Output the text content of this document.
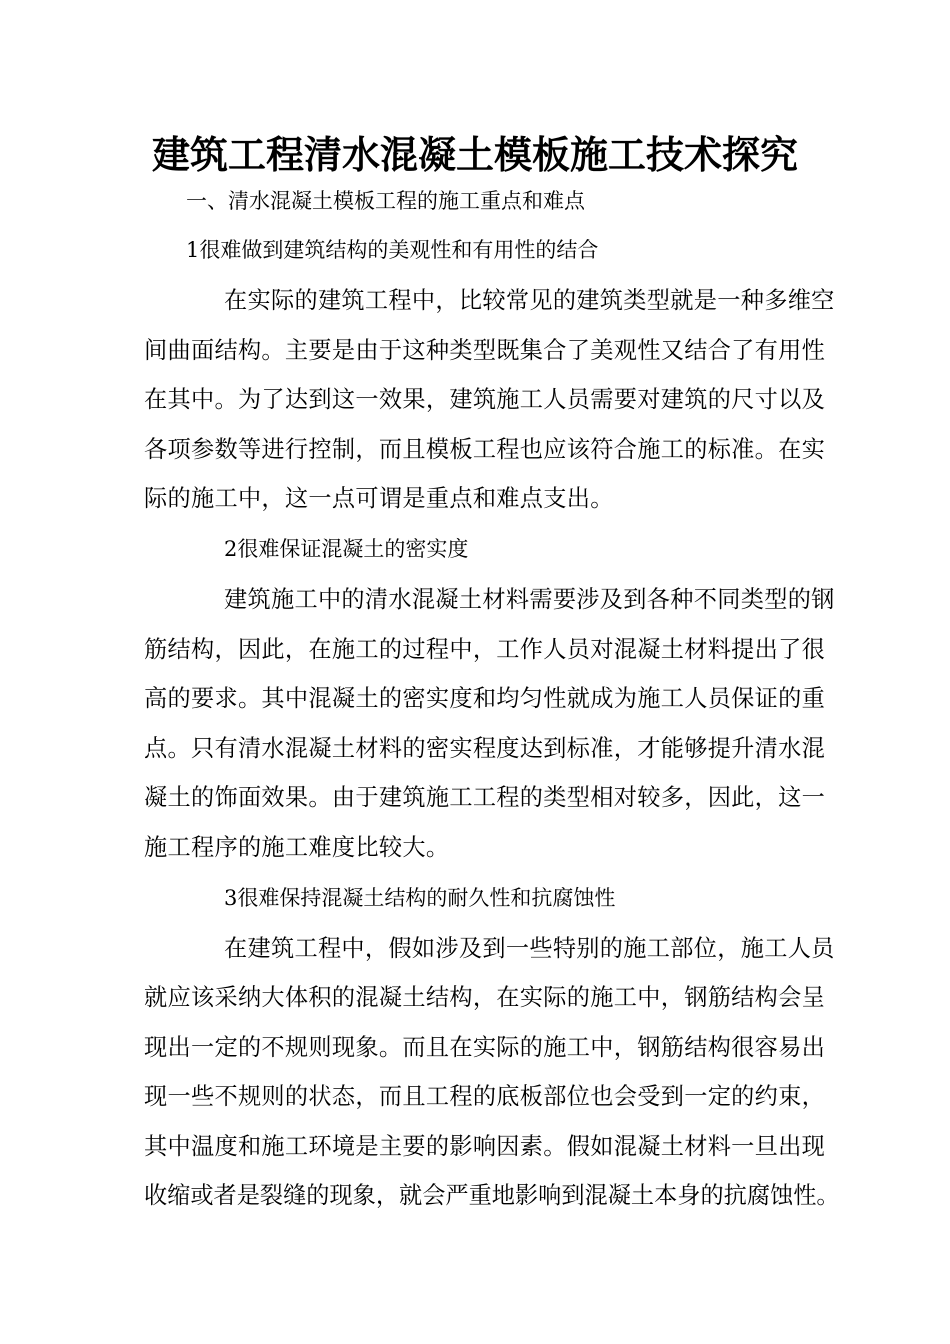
建筑工程清水混凝土模板施工技术探究

一、清水混凝土模板工程的施工重点和难点

1很难做到建筑结构的美观性和有用性的结合

在实际的建筑工程中，比较常见的建筑类型就是一种多维空

间曲面结构。主要是由于这种类型既集合了美观性又结合了有用性

在其中。为了达到这一效果，建筑施工人员需要对建筑的尺寸以及

各项参数等进行控制，而且模板工程也应该符合施工的标准。在实

际的施工中，这一点可谓是重点和难点支出。

2很难保证混凝土的密实度

建筑施工中的清水混凝土材料需要涉及到各种不同类型的钢

筋结构，因此，在施工的过程中，工作人员对混凝土材料提出了很

高的要求。其中混凝土的密实度和均匀性就成为施工人员保证的重

点。只有清水混凝土材料的密实程度达到标准，才能够提升清水混

凝土的饰面效果。由于建筑施工工程的类型相对较多，因此，这一

施工程序的施工难度比较大。

3很难保持混凝土结构的耐久性和抗腐蚀性

在建筑工程中，假如涉及到一些特别的施工部位，施工人员

就应该采纳大体积的混凝土结构，在实际的施工中，钢筋结构会呈

现出一定的不规则现象。而且在实际的施工中，钢筋结构很容易出

现一些不规则的状态，而且工程的底板部位也会受到一定的约束，

其中温度和施工环境是主要的影响因素。假如混凝土材料一旦出现

收缩或者是裂缝的现象，就会严重地影响到混凝土本身的抗腐蚀性。
